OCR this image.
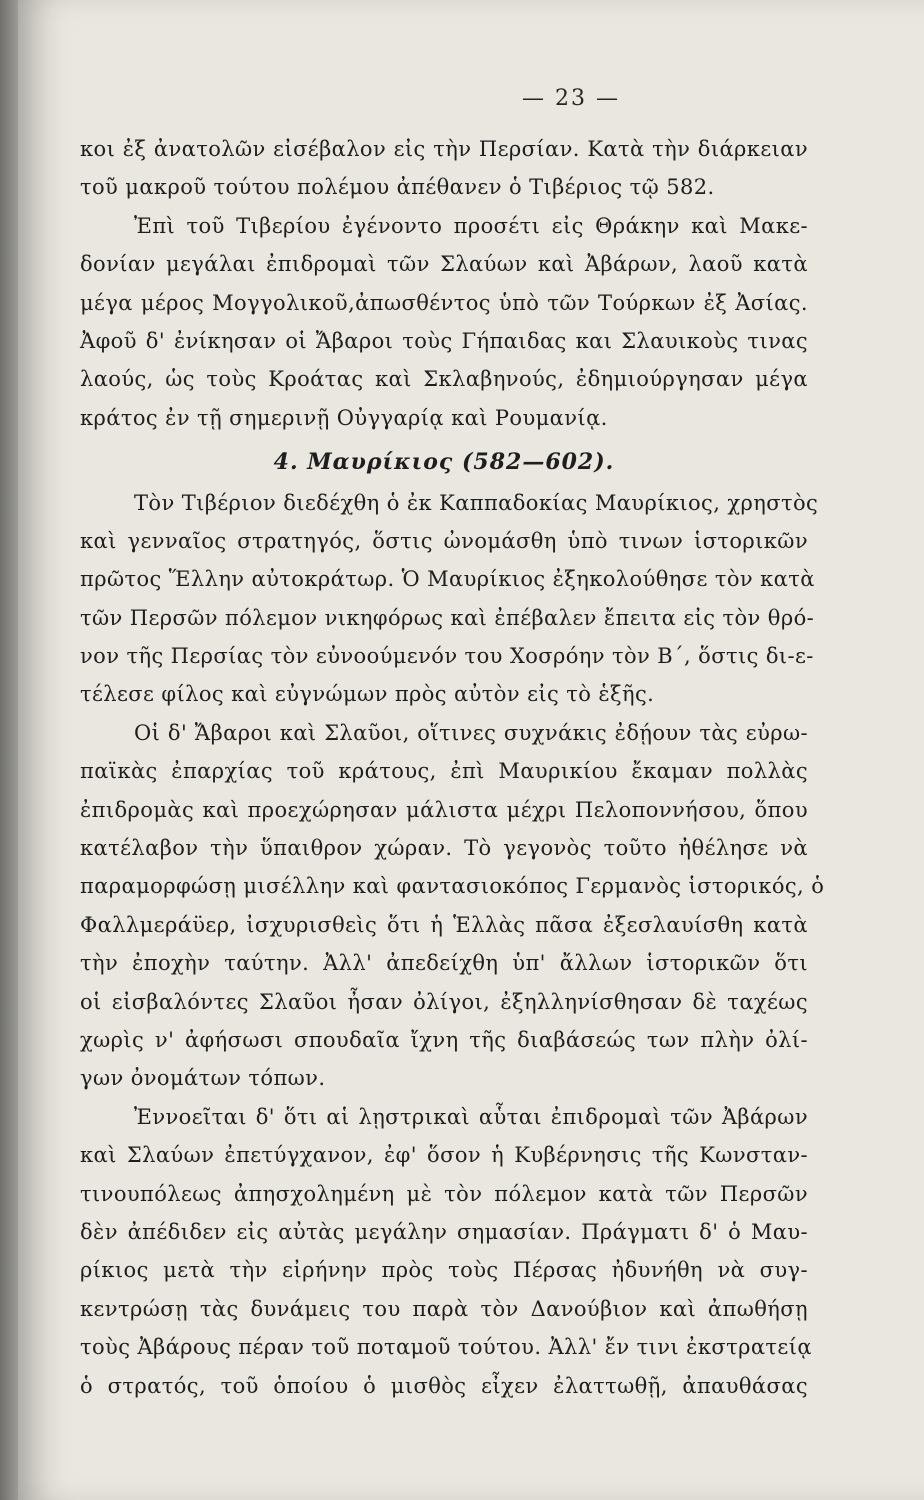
— 23 —
κοι ἐξ ἀνατολῶν εἰσέβαλον εἰς τὴν Περσίαν. Κατὰ τὴν διάρκειαν
τοῦ μακροῦ τούτου πολέμου ἀπέθανεν ὁ Τιβέριος τῷ 582.
Ἐπὶ τοῦ Τιβερίου ἐγένοντο προσέτι εἰς Θράκην καὶ Μακε-
δονίαν μεγάλαι ἐπιδρομαὶ τῶν Σλαύων καὶ Ἀβάρων, λαοῦ κατὰ
μέγα μέρος Μογγολικοῦ,ἀπωσθέντος ὑπὸ τῶν Τούρκων ἐξ Ἀσίας.
Ἀφοῦ δ' ἐνίκησαν οἱ Ἄβαροι τοὺς Γήπαιδας και Σλαυικοὺς τινας
λαούς, ὡς τοὺς Κροάτας καὶ Σκλαβηνούς, ἐδημιούργησαν μέγα
κράτος ἐν τῇ σημερινῇ Οὐγγαρίᾳ καὶ Ρουμανίᾳ.
4. Μαυρίκιος (582—602).
Τὸν Τιβέριον διεδέχθη ὁ ἐκ Καππαδοκίας Μαυρίκιος, χρηστὸς
καὶ γενναῖος στρατηγός, ὅστις ὠνομάσθη ὑπὸ τινων ἱστορικῶν
πρῶτος Ἕλλην αὐτοκράτωρ. Ὁ Μαυρίκιος ἐξηκολούθησε τὸν κατὰ
τῶν Περσῶν πόλεμον νικηφόρως καὶ ἐπέβαλεν ἔπειτα εἰς τὸν θρό-
νον τῆς Περσίας τὸν εὐνοούμενόν του Χοσρόην τὸν Β΄, ὅστις δι-ε-
τέλεσε φίλος καὶ εὐγνώμων πρὸς αὐτὸν εἰς τὸ ἑξῆς.
Οἱ δ' Ἄβαροι καὶ Σλαῦοι, οἵτινες συχνάκις ἐδῄουν τὰς εὐρω-
παϊκὰς ἐπαρχίας τοῦ κράτους, ἐπὶ Μαυρικίου ἔκαμαν πολλὰς
ἐπιδρομὰς καὶ προεχώρησαν μάλιστα μέχρι Πελοποννήσου, ὅπου
κατέλαβον τὴν ὕπαιθρον χώραν. Τὸ γεγονὸς τοῦτο ἠθέλησε νὰ
παραμορφώσῃ μισέλλην καὶ φαντασιοκόπος Γερμανὸς ἱστορικός, ὁ
Φαλλμεράϋερ, ἰσχυρισθεὶς ὅτι ἡ Ἑλλὰς πᾶσα ἐξεσλαυίσθη κατὰ
τὴν ἐποχὴν ταύτην. Ἀλλ' ἀπεδείχθη ὑπ' ἄλλων ἱστορικῶν ὅτι
οἱ εἰσβαλόντες Σλαῦοι ἦσαν ὀλίγοι, ἐξηλληνίσθησαν δὲ ταχέως
χωρὶς ν' ἀφήσωσι σπουδαῖα ἴχνη τῆς διαβάσεώς των πλὴν ὀλί-
γων ὀνομάτων τόπων.
Ἐννοεῖται δ' ὅτι αἱ λῃστρικαὶ αὗται ἐπιδρομαὶ τῶν Ἀβάρων
καὶ Σλαύων ἐπετύγχανον, ἐφ' ὅσον ἡ Κυβέρνησις τῆς Κωνσταν-
τινουπόλεως ἀπησχολημένη μὲ τὸν πόλεμον κατὰ τῶν Περσῶν
δὲν ἀπέδιδεν εἰς αὐτὰς μεγάλην σημασίαν. Πράγματι δ' ὁ Μαυ-
ρίκιος μετὰ τὴν εἰρήνην πρὸς τοὺς Πέρσας ἠδυνήθη νὰ συγ-
κεντρώσῃ τὰς δυνάμεις του παρὰ τὸν Δανούβιον καὶ ἀπωθήσῃ
τοὺς Ἀβάρους πέραν τοῦ ποταμοῦ τούτου. Ἀλλ' ἔν τινι ἐκστρατείᾳ
ὁ στρατός, τοῦ ὁποίου ὁ μισθὸς εἶχεν ἐλαττωθῇ, ἀπαυθάσας
